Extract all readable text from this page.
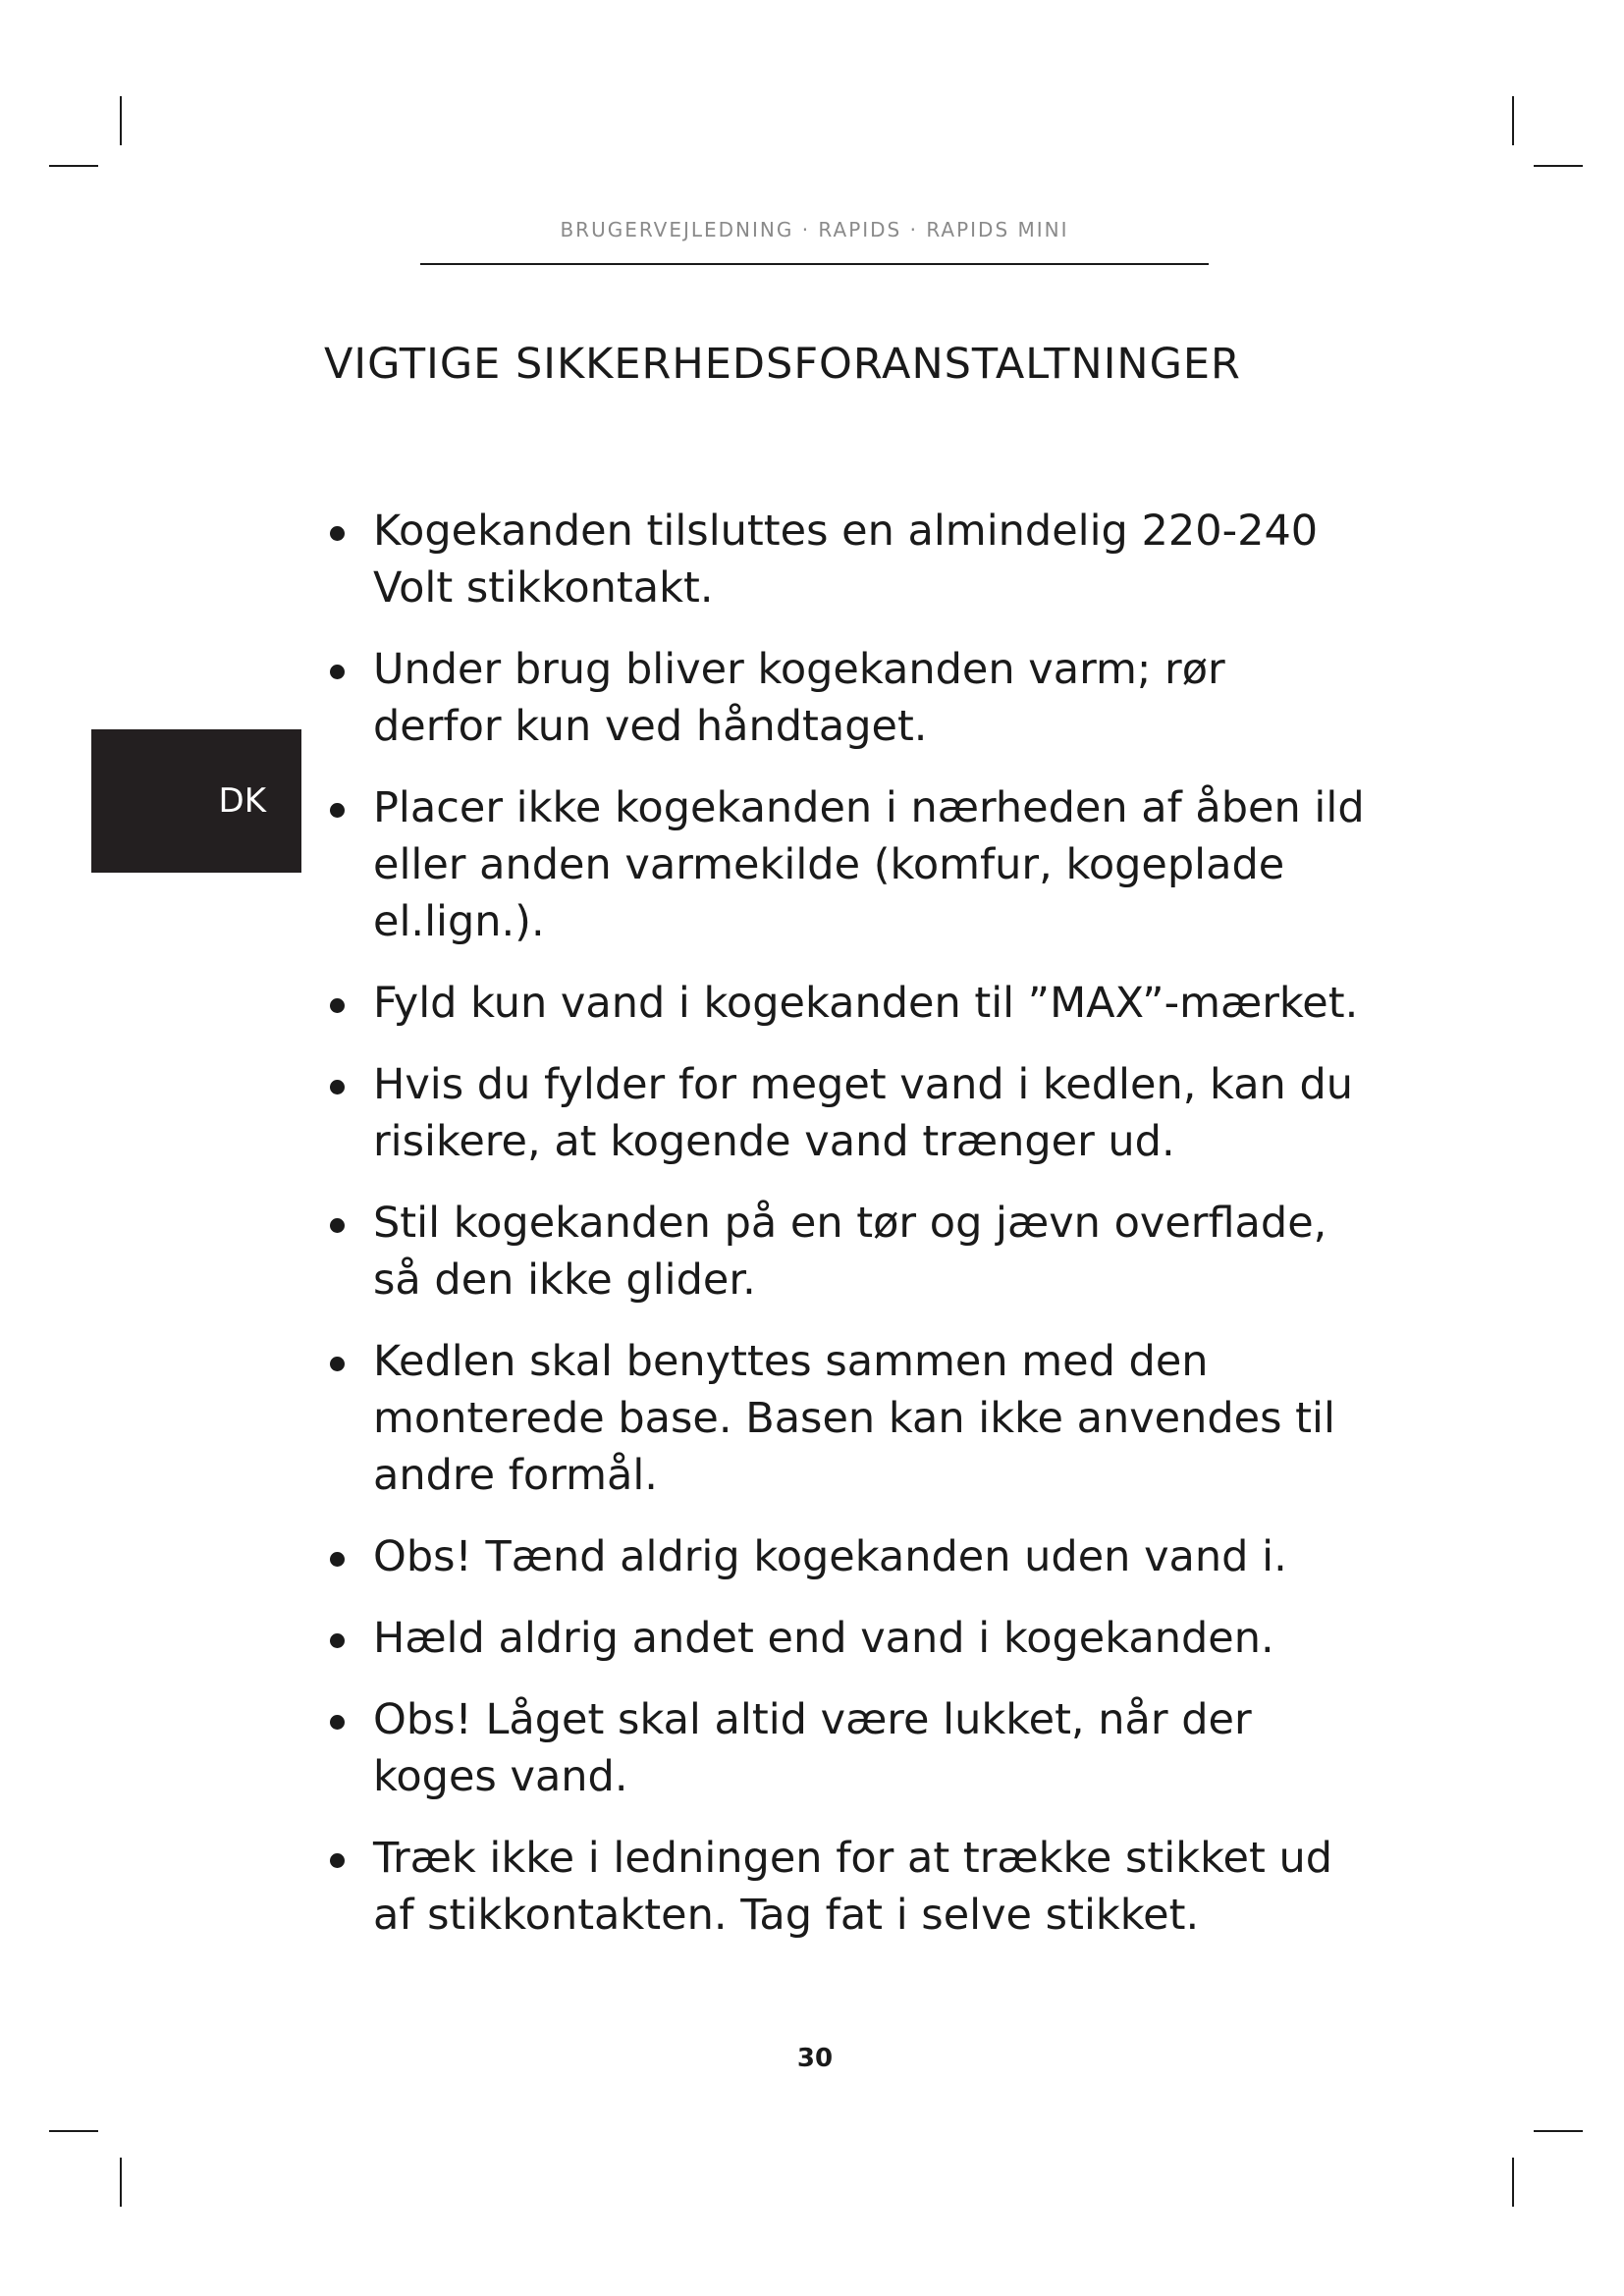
BRUGERVEJLEDNING · RAPIDS · RAPIDS MINI
VIGTIGE SIKKERHEDSFORANSTALTNINGER
DK
Kogekanden tilsluttes en almindelig 220-240 Volt stikkontakt.
Under brug bliver kogekanden varm; rør derfor kun ved håndtaget.
Placer ikke kogekanden i nærheden af åben ild eller anden varmekilde (komfur, kogeplade el.lign.).
Fyld kun vand i kogekanden til ”MAX”-mærket.
Hvis du fylder for meget vand i kedlen, kan du risikere, at kogende vand trænger ud.
Stil kogekanden på en tør og jævn overflade, så den ikke glider.
Kedlen skal benyttes sammen med den monterede base. Basen kan ikke anvendes til andre formål.
Obs! Tænd aldrig kogekanden uden vand i.
Hæld aldrig andet end vand i kogekanden.
Obs! Låget skal altid være lukket, når der koges vand.
Træk ikke i ledningen for at trække stikket ud af stikkontakten. Tag fat i selve stikket.
30
